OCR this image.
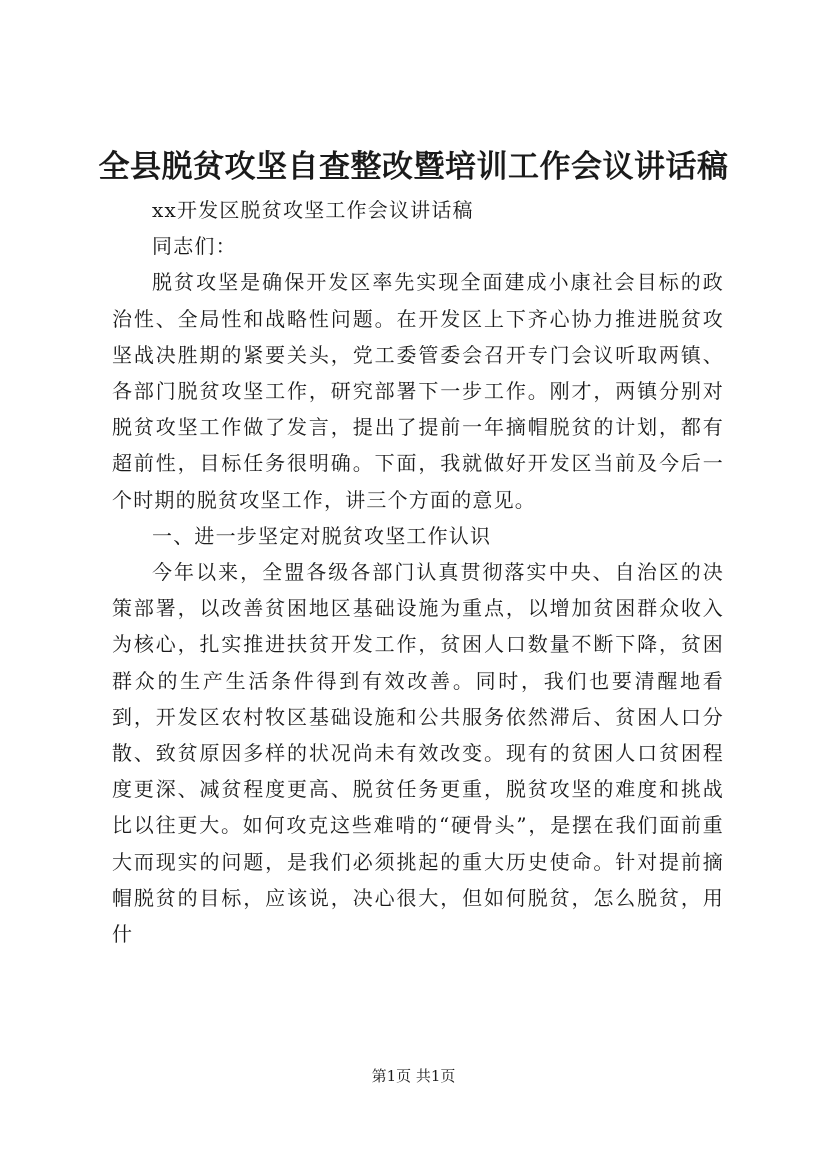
全县脱贫攻坚自查整改暨培训工作会议讲话稿

xx开发区脱贫攻坚工作会议讲话稿

同志们：

脱贫攻坚是确保开发区率先实现全面建成小康社会目标的政治性、全局性和战略性问题。在开发区上下齐心协力推进脱贫攻坚战决胜期的紧要关头，党工委管委会召开专门会议听取两镇、各部门脱贫攻坚工作，研究部署下一步工作。刚才，两镇分别对脱贫攻坚工作做了发言，提出了提前一年摘帽脱贫的计划，都有超前性，目标任务很明确。下面，我就做好开发区当前及今后一个时期的脱贫攻坚工作，讲三个方面的意见。

一、进一步坚定对脱贫攻坚工作认识

今年以来，全盟各级各部门认真贯彻落实中央、自治区的决策部署，以改善贫困地区基础设施为重点，以增加贫困群众收入为核心，扎实推进扶贫开发工作，贫困人口数量不断下降，贫困群众的生产生活条件得到有效改善。同时，我们也要清醒地看到，开发区农村牧区基础设施和公共服务依然滞后、贫困人口分散、致贫原因多样的状况尚未有效改变。现有的贫困人口贫困程度更深、减贫程度更高、脱贫任务更重，脱贫攻坚的难度和挑战比以往更大。如何攻克这些难啃的“硬骨头”，是摆在我们面前重大而现实的问题，是我们必须挑起的重大历史使命。针对提前摘帽脱贫的目标，应该说，决心很大，但如何脱贫，怎么脱贫，用什

第1页 共1页
